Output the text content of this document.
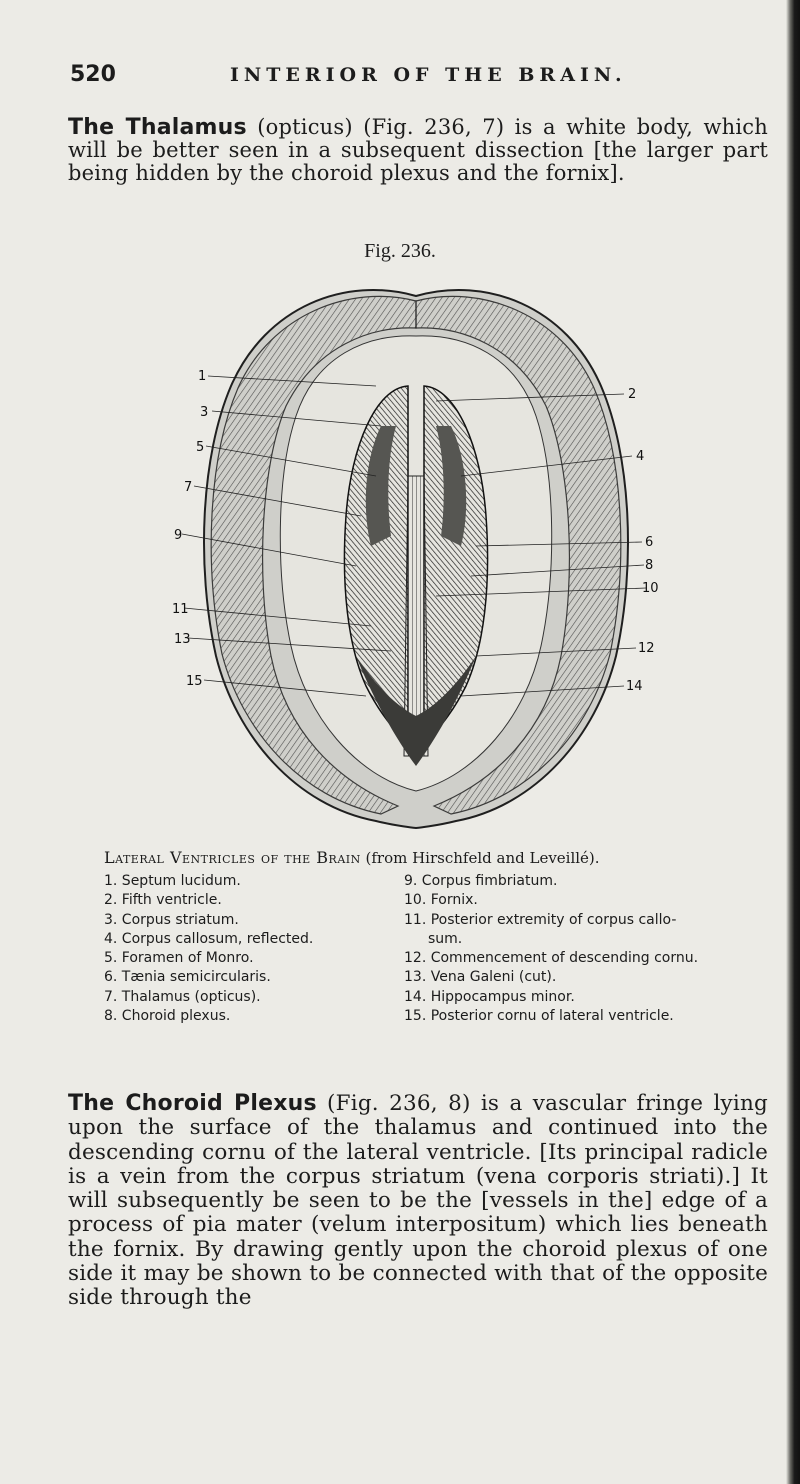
520	INTERIOR OF THE BRAIN.
The Thalamus (opticus) (Fig. 236, 7) is a white body, which will be better seen in a subsequent dissection [the larger part being hidden by the choroid plexus and the fornix].
Fig. 236.
1
3
5
7
9
11
13
15
2
4
6
8
10
12
14
Lateral Ventricles of the Brain (from Hirschfeld and Leveillé).
1. Septum lucidum.
2. Fifth ventricle.
3. Corpus striatum.
4. Corpus callosum, reflected.
5. Foramen of Monro.
6. Tænia semicircularis.
7. Thalamus (opticus).
8. Choroid plexus.
9. Corpus fimbriatum.
10. Fornix.
11. Posterior extremity of corpus callo-
sum.
12. Commencement of descending cornu.
13. Vena Galeni (cut).
14. Hippocampus minor.
15. Posterior cornu of lateral ventricle.
The Choroid Plexus (Fig. 236, 8) is a vascular fringe lying upon the surface of the thalamus and continued into the descending cornu of the lateral ventricle. [Its principal radicle is a vein from the corpus striatum (vena corporis striati).] It will subsequently be seen to be the [vessels in the] edge of a process of pia mater (velum interpositum) which lies beneath the fornix. By drawing gently upon the choroid plexus of one side it may be shown to be connected with that of the opposite side through the
